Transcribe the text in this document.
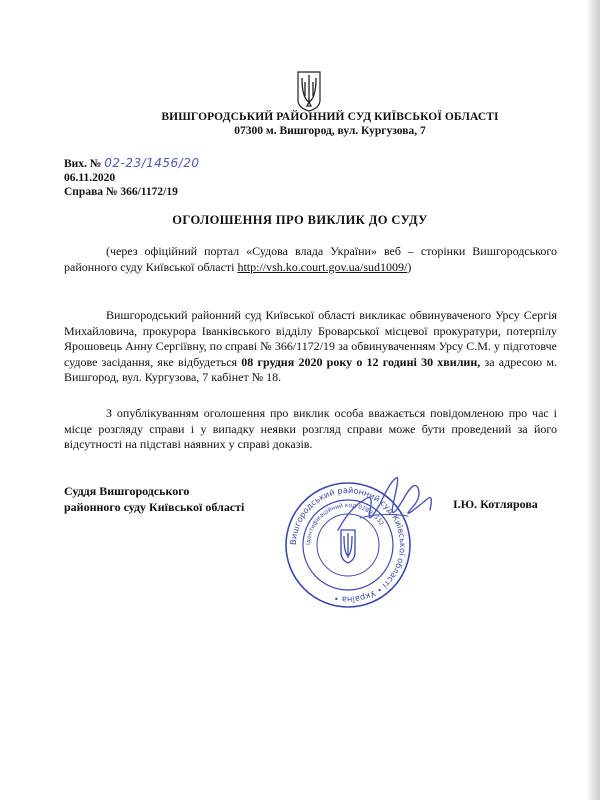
ВИШГОРОДСЬКИЙ РАЙОННИЙ СУД КИЇВСЬКОЇ ОБЛАСТІ
07300 м. Вишгород, вул. Кургузова, 7
Вих. № 02-23/1456/20
06.11.2020
Справа № 366/1172/19
ОГОЛОШЕННЯ ПРО ВИКЛИК ДО СУДУ
(через офіційний портал «Судова влада України» веб – сторінки Вишгородського районного суду Київської області http://vsh.ko.court.gov.ua/sud1009/)
Вишгородський районний суд Київської області викликає обвинуваченого Урсу Сергія Михайловича, прокурора Іванківського відділу Броварської місцевої прокуратури, потерпілу Ярошовець Анну Сергіївну, по справі № 366/1172/19 за обвинуваченням Урсу С.М. у підготовче судове засідання, яке відбудеться 08 грудня 2020 року о 12 годині 30 хвилин, за адресою м. Вишгород, вул. Кургузова, 7 кабінет № 18.
З опублікуванням оголошення про виклик особа вважається повідомленою про час і місце розгляду справи і у випадку неявки розгляд справи може бути проведений за його відсутності на підставі наявних у справі доказів.
Суддя Вишгородського
районного суду Київської області	І.Ю. Котлярова
Вишгородський районний суд Київської області • Україна •
Ідентифікаційний код 02891332
